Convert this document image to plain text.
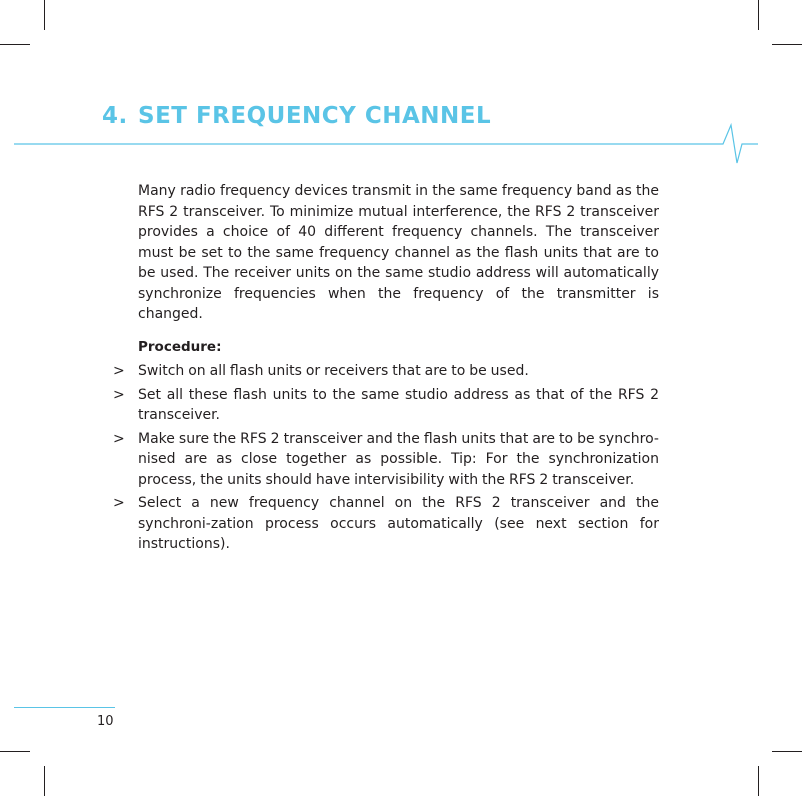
4. SET FREQUENCY CHANNEL
Many radio frequency devices transmit in the same frequency band as the RFS 2 transceiver. To minimize mutual interference, the RFS 2 transceiver provides a choice of 40 different frequency channels. The transceiver must be set to the same frequency channel as the flash units that are to be used. The receiver units on the same studio address will automatically synchronize frequencies when the frequency of the transmitter is changed.
Procedure:
> Switch on all flash units or receivers that are to be used.
> Set all these flash units to the same studio address as that of the RFS 2 transceiver.
> Make sure the RFS 2 transceiver and the flash units that are to be synchro-nised are as close together as possible. Tip: For the synchronization process, the units should have intervisibility with the RFS 2 transceiver.
> Select a new frequency channel on the RFS 2 transceiver and the synchroni-zation process occurs automatically (see next section for instructions).
10
